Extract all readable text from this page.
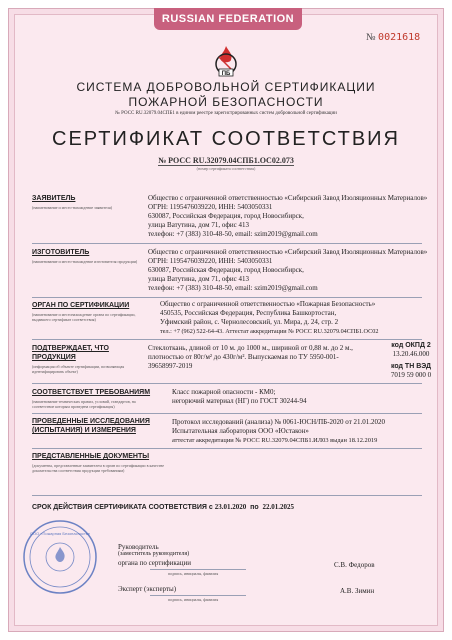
RUSSIAN FEDERATION
№ 0021618
ПБ
СИСТЕМА ДОБРОВОЛЬНОЙ СЕРТИФИКАЦИИ
ПОЖАРНОЙ БЕЗОПАСНОСТИ
№ РОСС RU.32079.04СПБ1 в едином реестре зарегистрированных систем добровольной сертификации
СЕРТИФИКАТ СООТВЕТСТВИЯ
№ РОСС RU.32079.04СПБ1.ОС02.073
(номер сертификата соответствия)
ЗАЯВИТЕЛЬ
(наименование и место-нахождение заявителя)
Общество с ограниченной ответственностью «Сибирский Завод Изоляционных Материалов»
ОГРН: 1195476039220, ИНН: 5403050331
630087, Российская Федерация, город Новосибирск,
улица Ватутина, дом 71, офис 413
телефон: +7 (383) 310-48-50, email: szim2019@gmail.com
ИЗГОТОВИТЕЛЬ
(наименование и место-нахождение изготовителя продукции)
Общество с ограниченной ответственностью «Сибирский Завод Изоляционных Материалов»
ОГРН: 1195476039220, ИНН: 5403050331
630087, Российская Федерация, город Новосибирск,
улица Ватутина, дом 71, офис 413
телефон: +7 (383) 310-48-50, email: szim2019@gmail.com
ОРГАН ПО СЕРТИФИКАЦИИ
(наименование и местонахождение органа по сертификации, выдавшего сертификат соответствия)
Общество с ограниченной ответственностью «Пожарная Безопасность»
450535, Российская Федерация, Республика Башкортостан,
Уфимский район, с. Чернолесовский, ул. Мира, д. 24, стр. 2
тел.: +7 (962) 522-64-43. Аттестат аккредитации № РОСС RU.32079.04СПБ1.ОС02
ПОДТВЕРЖДАЕТ, ЧТО
ПРОДУКЦИЯ
(информация об объекте сертификации, позволяющая идентифицировать объект)
Стеклоткань, длиной от 10 м. до 1000 м., шириной от 0,88 м. до 2 м.,
плотностью от 80г/м² до 430г/м². Выпускаемая по ТУ 5950-001-
39658997-2019
код ОКПД 2
13.20.46.000
код ТН ВЭД
7019 59 000 0
СООТВЕТСТВУЕТ ТРЕБОВАНИЯМ
(наименование технических правил, условий, стандартов, на соответствие которым проведена сертификация)
Класс пожарной опасности - КМ0;
негорючий материал (НГ) по ГОСТ 30244-94
ПРОВЕДЕННЫЕ ИССЛЕДОВАНИЯ
(ИСПЫТАНИЯ) И ИЗМЕРЕНИЯ
Протокол исследований (анализа) № 0061-ЮСН/ПБ-2020 от 21.01.2020
Испытательная лаборатория ООО «Юстакон»
аттестат аккредитации № РОСС RU.32079.04СПБ1.ИЛ03 выдан 18.12.2019
ПРЕДСТАВЛЕННЫЕ ДОКУМЕНТЫ
(документы, представленные заявителем в орган по сертификации в качестве доказательства соответствия продукции требованиям)
СРОК ДЕЙСТВИЯ СЕРТИФИКАТА СООТВЕТСТВИЯ с 23.01.2020 по 22.01.2025
ООО «Пожарная Безопасность»
Руководитель
(заместитель руководителя)
органа по сертификации
подпись, инициалы, фамилия
С.В. Федоров
Эксперт (эксперты)
подпись, инициалы, фамилия
А.В. Зимин
